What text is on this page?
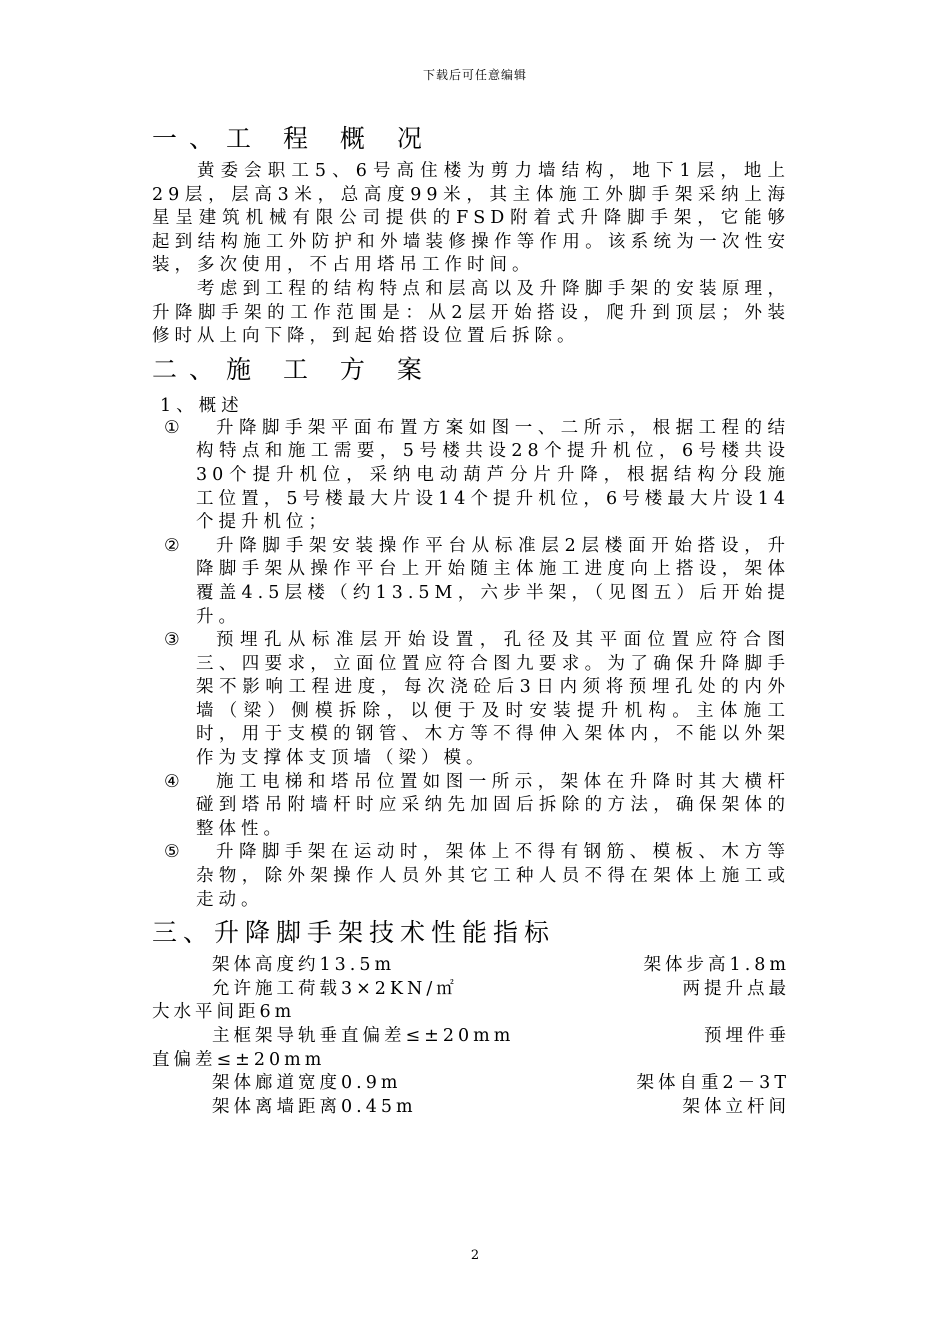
下载后可任意编辑
一、工 程 概 况

黄委会职工5、6号高住楼为剪力墙结构，地下1层，地上29层，层高3米，总高度99米，其主体施工外脚手架采纳上海星呈建筑机械有限公司提供的FSD附着式升降脚手架，它能够起到结构施工外防护和外墙装修操作等作用。该系统为一次性安装，多次使用，不占用塔吊工作时间。

考虑到工程的结构特点和层高以及升降脚手架的安装原理，升降脚手架的工作范围是：从2层开始搭设，爬升到顶层；外装修时从上向下降，到起始搭设位置后拆除。

二、施 工 方 案
1、概述
①	升降脚手架平面布置方案如图一、二所示，根据工程的结构特点和施工需要，5号楼共设28个提升机位，6号楼共设30个提升机位，采纳电动葫芦分片升降，根据结构分段施工位置，5号楼最大片设14个提升机位，6号楼最大片设14个提升机位；
②	升降脚手架安装操作平台从标准层2层楼面开始搭设，升降脚手架从操作平台上开始随主体施工进度向上搭设，架体覆盖4.5层楼（约13.5M，六步半架，（见图五）后开始提升。
③	预埋孔从标准层开始设置，孔径及其平面位置应符合图三、四要求，立面位置应符合图九要求。为了确保升降脚手架不影响工程进度，每次浇砼后3日内须将预埋孔处的内外墙（梁）侧模拆除，以便于及时安装提升机构。主体施工时，用于支模的钢管、木方等不得伸入架体内，不能以外架作为支撑体支顶墙（梁）模。
④	施工电梯和塔吊位置如图一所示，架体在升降时其大横杆碰到塔吊附墙杆时应采纳先加固后拆除的方法，确保架体的整体性。
⑤	升降脚手架在运动时，架体上不得有钢筋、模板、木方等杂物，除外架操作人员外其它工种人员不得在架体上施工或走动。
三、升降脚手架技术性能指标
架体高度约13.5m	架体步高1.8m
允许施工荷载3×2KN/㎡	两提升点最
大水平间距6m
主框架导轨垂直偏差≤±20mm	预埋件垂
直偏差≤±20mm
架体廊道宽度0.9m	架体自重2－3T
架体离墙距离0.45m	架体立杆间
2
